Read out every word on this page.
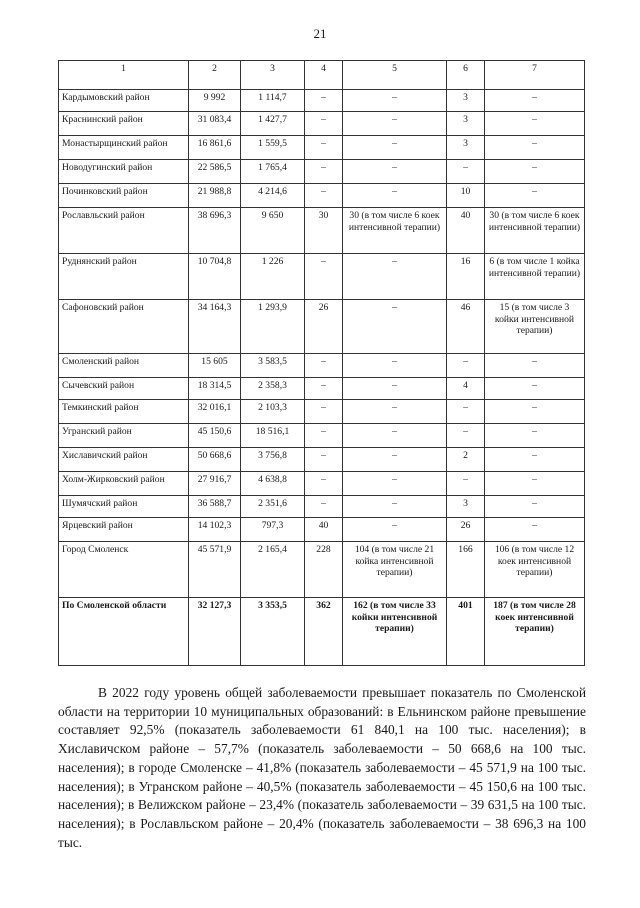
21
1	2	3	4	5	6	7
Кардымовский район	9 992	1 114,7	–	–	3	–
Краснинский район	31 083,4	1 427,7	–	–	3	–
Монастырщинский район	16 861,6	1 559,5	–	–	3	–
Новодугинский район	22 586,5	1 765,4	–	–	–	–
Починковский район	21 988,8	4 214,6	–	–	10	–
Рославльский район	38 696,3	9 650	30	30 (в том числе 6 коек интенсивной терапии)	40	30 (в том числе 6 коек интенсивной терапии)
Руднянский район	10 704,8	1 226	–	–	16	6 (в том числе 1 койка интенсивной терапии)
Сафоновский район	34 164,3	1 293,9	26	–	46	15 (в том числе 3 койки интенсивной терапии)
Смоленский район	15 605	3 583,5	–	–	–	–
Сычевский район	18 314,5	2 358,3	–	–	4	–
Темкинский район	32 016,1	2 103,3	–	–	–	–
Угранский район	45 150,6	18 516,1	–	–	–	–
Хиславичский район	50 668,6	3 756,8	–	–	2	–
Холм-Жирковский район	27 916,7	4 638,8	–	–	–	–
Шумячский район	36 588,7	2 351,6	–	–	3	–
Ярцевский район	14 102,3	797,3	40	–	26	–
Город Смоленск	45 571,9	2 165,4	228	104 (в том числе 21 койка интенсивной терапии)	166	106 (в том числе 12 коек интенсивной терапии)
По Смоленской области	32 127,3	3 353,5	362	162 (в том числе 33 койки интенсивной терапии)	401	187 (в том числе 28 коек интенсивной терапии)
В 2022 году уровень общей заболеваемости превышает показатель по Смоленской области на территории 10 муниципальных образований: в Ельнинском районе превышение составляет 92,5% (показатель заболеваемости 61 840,1 на 100 тыс. населения); в Хиславичском районе – 57,7% (показатель заболеваемости – 50 668,6 на 100 тыс. населения); в городе Смоленске – 41,8% (показатель заболеваемости – 45 571,9 на 100 тыс. населения); в Угранском районе – 40,5% (показатель заболеваемости – 45 150,6 на 100 тыс. населения); в Велижском районе – 23,4% (показатель заболеваемости – 39 631,5 на 100 тыс. населения); в Рославльском районе – 20,4% (показатель заболеваемости – 38 696,3 на 100 тыс.
